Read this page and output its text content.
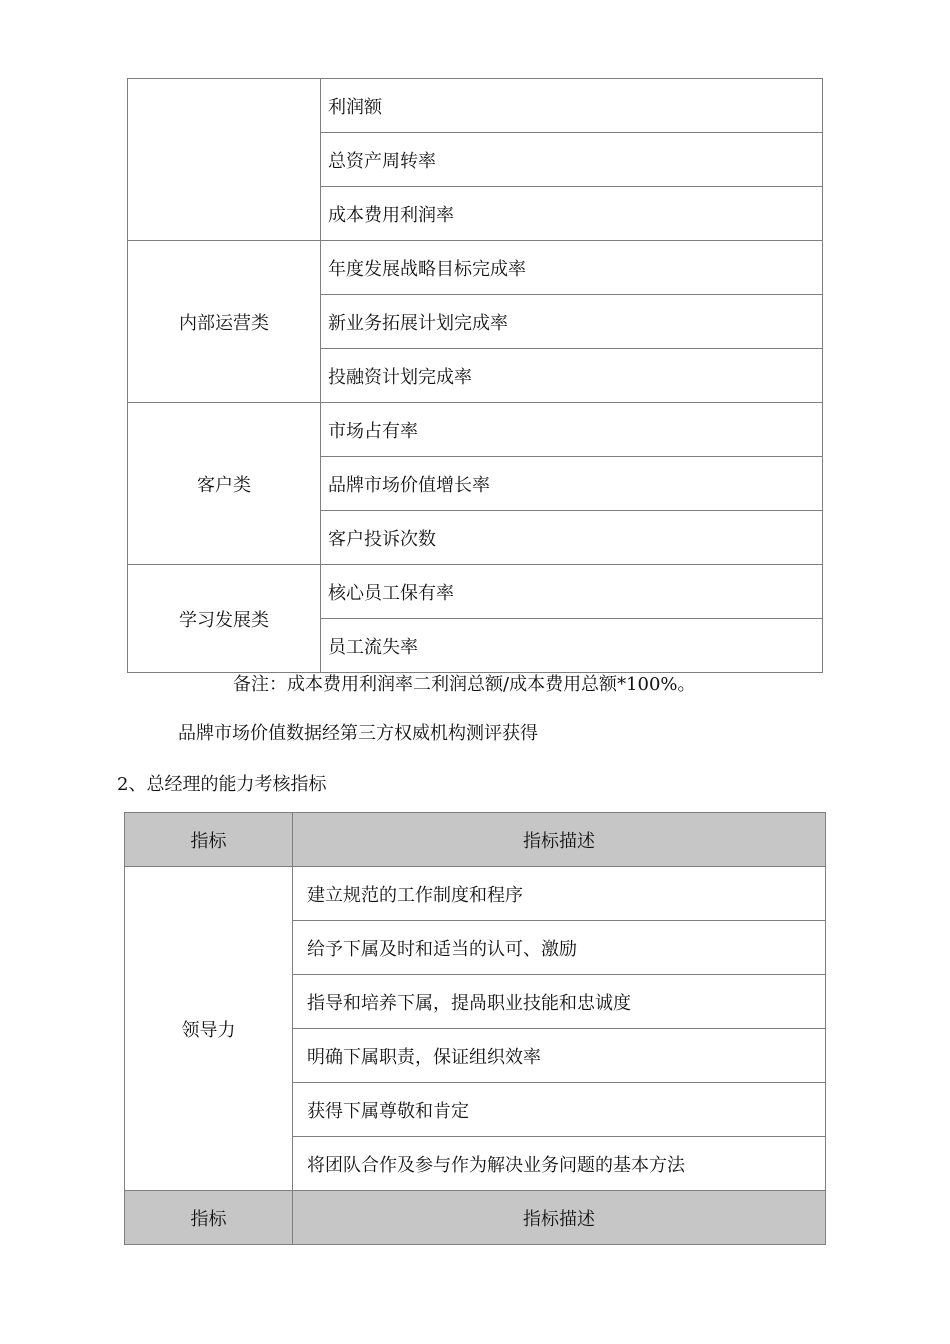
	利润额
	总资产周转率
	成本费用利润率
内部运营类	年度发展战略目标完成率
	新业务拓展计划完成率
	投融资计划完成率
客户类	市场占有率
	品牌市场价值增长率
	客户投诉次数
学习发展类	核心员工保有率
	员工流失率
备注：成本费用利润率二利润总额/成本费用总额*100%。
品牌市场价值数据经第三方权威机构测评获得
2、总经理的能力考核指标
指标	指标描述
领导力	建立规范的工作制度和程序
	给予下属及时和适当的认可、激励
	指导和培养下属，提咼职业技能和忠诚度
	明确下属职责，保证组织效率
	获得下属尊敬和肯定
	将团队合作及参与作为解决业务问题的基本方法
指标	指标描述
